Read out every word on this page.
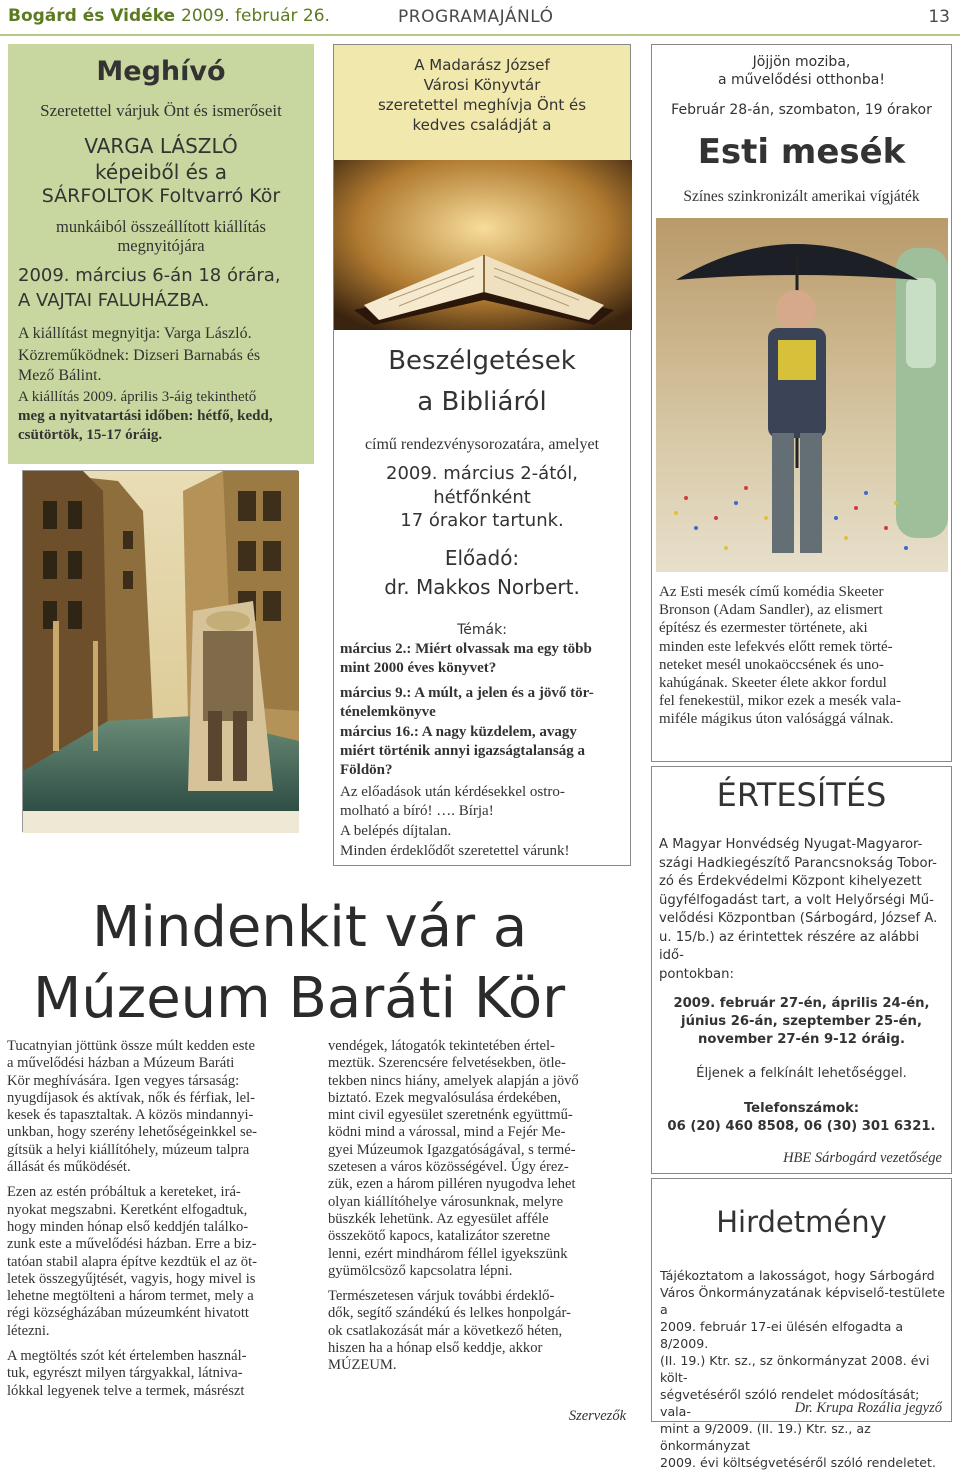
Bogárd és Vidéke 2009. február 26.	PROGRAMAJÁNLÓ	13
Meghívó
Szeretettel várjuk Önt és ismerőseit
VARGA LÁSZLÓ
képeiből és a
SÁRFOLTOK Foltvarró Kör
munkáiból összeállított kiállítás
megnyitójára
2009. március 6-án 18 órára,
A VAJTAI FALUHÁZBA.
A kiállítást megnyitja: Varga László.
Közreműködnek: Dizseri Barnabás és
Mező Bálint.
A kiállítás 2009. április 3-áig tekinthető
meg a nyitvatartási időben: hétfő, kedd,
csütörtök, 15-17 óráig.
A Madarász József
Városi Könyvtár
szeretettel meghívja Önt és
kedves családját a
Beszélgetések
a Bibliáról
című rendezvénysorozatára, amelyet
2009. március 2-ától,
hétfőnként
17 órakor tartunk.
Előadó:
dr. Makkos Norbert.
Témák:
március 2.: Miért olvassak ma egy több
mint 2000 éves könyvet?
március 9.: A múlt, a jelen és a jövő tör-
ténelemkönyve
március 16.: A nagy küzdelem, avagy
miért történik annyi igazságtalanság a
Földön?
Az előadások után kérdésekkel ostro-
molható a bíró! …. Bírja!
A belépés díjtalan.
Minden érdeklődőt szeretettel várunk!
Jöjjön moziba,
a művelődési otthonba!
Február 28-án, szombaton, 19 órakor
Esti mesék
Színes szinkronizált amerikai vígjáték
Az Esti mesék című komédia Skeeter
Bronson (Adam Sandler), az elismert
építész és ezermester története, aki
minden este lefekvés előtt remek törté-
neteket mesél unokaöccsének és uno-
kahúgának. Skeeter élete akkor fordul
fel fenekestül, mikor ezek a mesék vala-
miféle mágikus úton valósággá válnak.
ÉRTESÍTÉS
A Magyar Honvédség Nyugat-Magyaror-
szági Hadkiegészítő Parancsnokság Tobor-
zó és Érdekvédelmi Központ kihelyezett
ügyfélfogadást tart, a volt Helyőrségi Mű-
velődési Központban (Sárbogárd, József A.
u. 15/b.) az érintettek részére az alábbi idő-
pontokban:
2009. február 27-én, április 24-én,
június 26-án, szeptember 25-én,
november 27-én 9-12 óráig.
Éljenek a felkínált lehetőséggel.
Telefonszámok:
06 (20) 460 8508, 06 (30) 301 6321.
HBE Sárbogárd vezetősége
Hirdetmény
Tájékoztatom a lakosságot, hogy Sárbogárd
Város Önkormányzatának képviselő-testülete a
2009. február 17-ei ülésén elfogadta a 8/2009.
(II. 19.) Ktr. sz., sz önkormányzat 2008. évi költ-
ségvetéséről szóló rendelet módosítását; vala-
mint a 9/2009. (II. 19.) Ktr. sz., az önkormányzat
2009. évi költségvetéséről szóló rendeletet.
Dr. Krupa Rozália jegyző
Mindenkit vár a
Múzeum Baráti Kör
Tucatnyian jöttünk össze múlt kedden este
a művelődési házban a Múzeum Baráti
Kör meghívására. Igen vegyes társaság:
nyugdíjasok és aktívak, nők és férfiak, lel-
kesek és tapasztaltak. A közös mindannyi-
unkban, hogy szerény lehetőségeinkkel se-
gítsük a helyi kiállítóhely, múzeum talpra
állását és működését.
Ezen az estén próbáltuk a kereteket, irá-
nyokat megszabni. Keretként elfogadtuk,
hogy minden hónap első keddjén találko-
zunk este a művelődési házban. Erre a biz-
tatóan stabil alapra építve kezdtük el az öt-
letek összegyűjtését, vagyis, hogy mivel is
lehetne megtölteni a három termet, mely a
régi községházában múzeumként hivatott
létezni.
A megtöltés szót két értelemben használ-
tuk, egyrészt milyen tárgyakkal, látniva-
lókkal legyenek telve a termek, másrészt
vendégek, látogatók tekintetében értel-
meztük. Szerencsére felvetésekben, ötle-
tekben nincs hiány, amelyek alapján a jövő
biztató. Ezek megvalósulása érdekében,
mint civil egyesület szeretnénk együttmű-
ködni mind a várossal, mind a Fejér Me-
gyei Múzeumok Igazgatóságával, s termé-
szetesen a város közösségével. Úgy érez-
zük, ezen a három pilléren nyugodva lehet
olyan kiállítóhelye városunknak, melyre
büszkék lehetünk. Az egyesület afféle
összekötő kapocs, katalizátor szeretne
lenni, ezért mindhárom féllel igyekszünk
gyümölcsöző kapcsolatra lépni.
Természetesen várjuk további érdeklő-
dők, segítő szándékú és lelkes honpolgár-
ok csatlakozását már a következő héten,
hiszen ha a hónap első keddje, akkor
MÚZEUM.
Szervezők
